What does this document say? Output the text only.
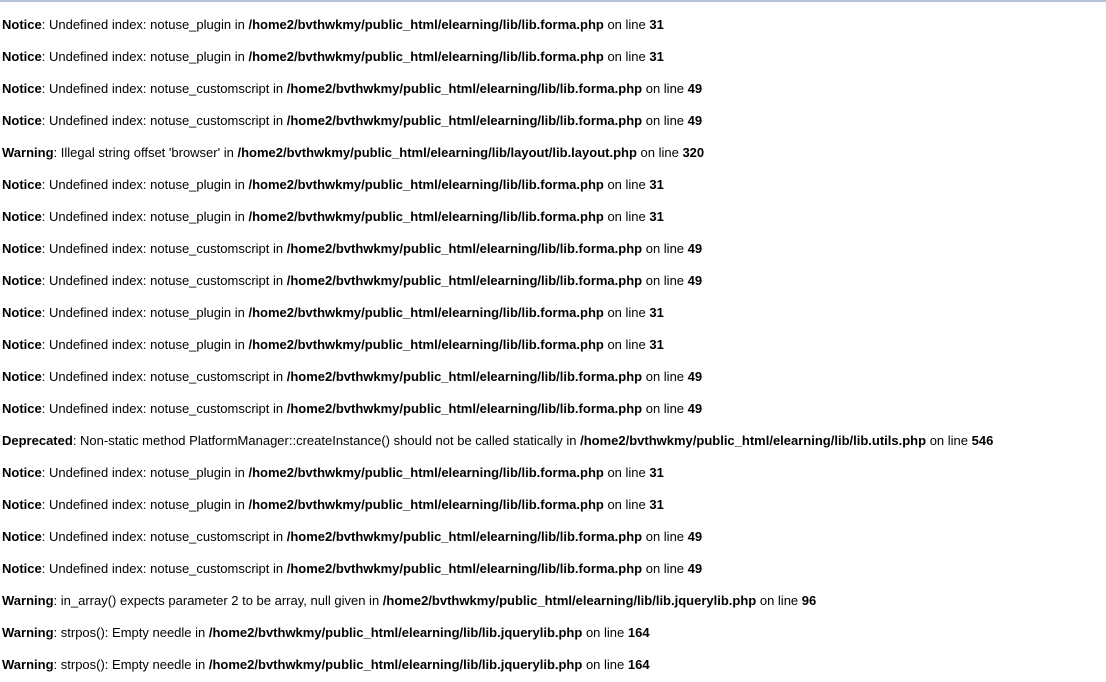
Notice: Undefined index: notuse_plugin in /home2/bvthwkmy/public_html/elearning/lib/lib.forma.php on line 31
Notice: Undefined index: notuse_plugin in /home2/bvthwkmy/public_html/elearning/lib/lib.forma.php on line 31
Notice: Undefined index: notuse_customscript in /home2/bvthwkmy/public_html/elearning/lib/lib.forma.php on line 49
Notice: Undefined index: notuse_customscript in /home2/bvthwkmy/public_html/elearning/lib/lib.forma.php on line 49
Warning: Illegal string offset 'browser' in /home2/bvthwkmy/public_html/elearning/lib/layout/lib.layout.php on line 320
Notice: Undefined index: notuse_plugin in /home2/bvthwkmy/public_html/elearning/lib/lib.forma.php on line 31
Notice: Undefined index: notuse_plugin in /home2/bvthwkmy/public_html/elearning/lib/lib.forma.php on line 31
Notice: Undefined index: notuse_customscript in /home2/bvthwkmy/public_html/elearning/lib/lib.forma.php on line 49
Notice: Undefined index: notuse_customscript in /home2/bvthwkmy/public_html/elearning/lib/lib.forma.php on line 49
Notice: Undefined index: notuse_plugin in /home2/bvthwkmy/public_html/elearning/lib/lib.forma.php on line 31
Notice: Undefined index: notuse_plugin in /home2/bvthwkmy/public_html/elearning/lib/lib.forma.php on line 31
Notice: Undefined index: notuse_customscript in /home2/bvthwkmy/public_html/elearning/lib/lib.forma.php on line 49
Notice: Undefined index: notuse_customscript in /home2/bvthwkmy/public_html/elearning/lib/lib.forma.php on line 49
Deprecated: Non-static method PlatformManager::createInstance() should not be called statically in /home2/bvthwkmy/public_html/elearning/lib/lib.utils.php on line 546
Notice: Undefined index: notuse_plugin in /home2/bvthwkmy/public_html/elearning/lib/lib.forma.php on line 31
Notice: Undefined index: notuse_plugin in /home2/bvthwkmy/public_html/elearning/lib/lib.forma.php on line 31
Notice: Undefined index: notuse_customscript in /home2/bvthwkmy/public_html/elearning/lib/lib.forma.php on line 49
Notice: Undefined index: notuse_customscript in /home2/bvthwkmy/public_html/elearning/lib/lib.forma.php on line 49
Warning: in_array() expects parameter 2 to be array, null given in /home2/bvthwkmy/public_html/elearning/lib/lib.jquerylib.php on line 96
Warning: strpos(): Empty needle in /home2/bvthwkmy/public_html/elearning/lib/lib.jquerylib.php on line 164
Warning: strpos(): Empty needle in /home2/bvthwkmy/public_html/elearning/lib/lib.jquerylib.php on line 164
